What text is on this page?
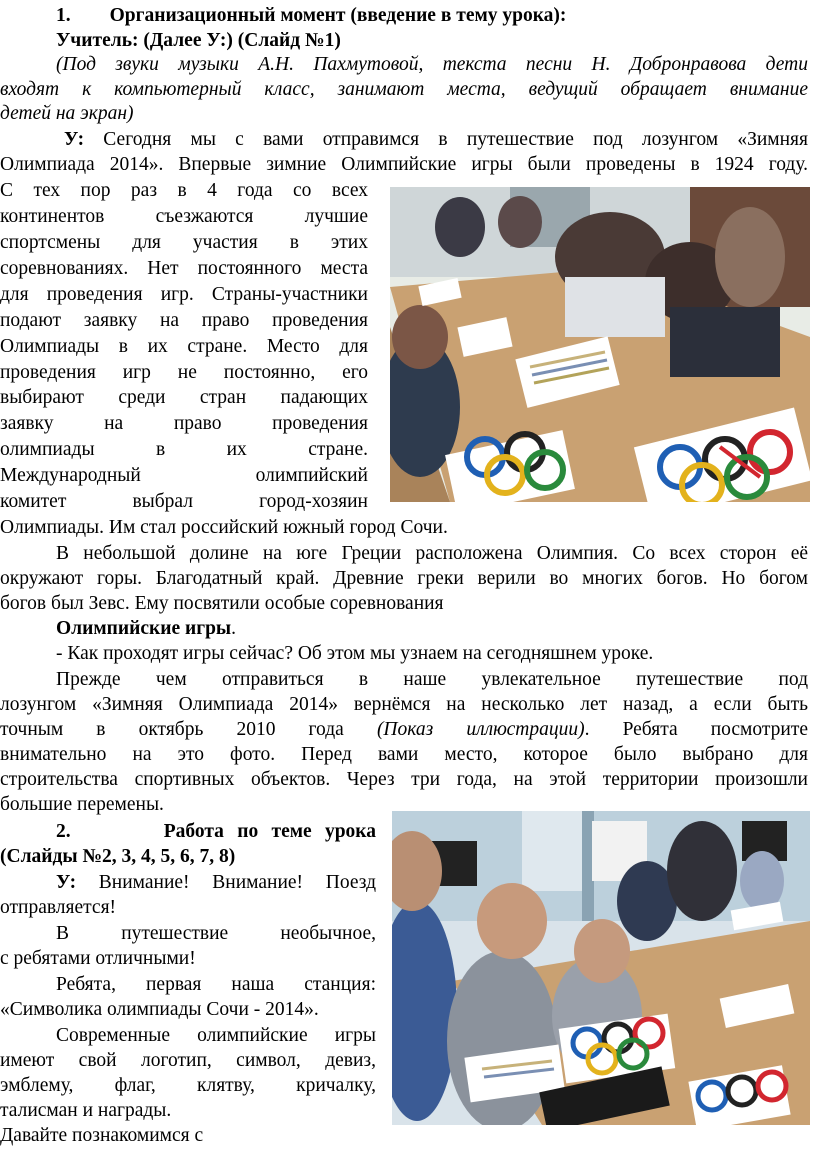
1.        Организационный момент (введение в тему урока):
Учитель: (Далее У:) (Слайд №1)
(Под звуки музыки А.Н. Пахмутовой, текста песни Н. Добронравова дети
входят к компьютерный класс, занимают места, ведущий обращает внимание
детей на экран)
У: Сегодня мы с вами отправимся в путешествие под лозунгом «Зимняя
Олимпиада 2014». Впервые зимние Олимпийские игры были проведены в 1924 году.
С тех пор раз в 4 года со всех
континентов съезжаются лучшие
спортсмены для участия в этих
соревнованиях. Нет постоянного места
для проведения игр. Страны-участники
подают заявку на право проведения
Олимпиады в их стране. Место для
проведения игр не постоянно, его
выбирают среди стран падающих
заявку на право проведения
олимпиады в их стране.
Международный олимпийский
комитет выбрал город-хозяин
Олимпиады. Им стал российский южный город Сочи.
В небольшой долине на юге Греции расположена Олимпия. Со всех сторон её
окружают горы. Благодатный край. Древние греки верили во многих богов. Но богом
богов был Зевс. Ему посвятили особые соревнования
Олимпийские игры.
- Как проходят игры сейчас? Об этом мы узнаем на сегодняшнем уроке.
Прежде чем отправиться в наше увлекательное путешествие под
лозунгом «Зимняя Олимпиада 2014» вернёмся на несколько лет назад, а если быть
точным в октябрь 2010 года (Показ иллюстрации). Ребята посмотрите
внимательно на это фото. Перед вами место, которое было выбрано для
строительства спортивных объектов. Через три года, на этой территории произошли
большие перемены.
2.       Работа по теме урока
(Слайды №2, 3, 4, 5, 6, 7, 8)
У: Внимание! Внимание! Поезд
отправляется!
В путешествие необычное,
с ребятами отличными!
Ребята, первая наша станция:
«Символика олимпиады Сочи - 2014».
Современные олимпийские игры
имеют свой логотип, символ, девиз,
эмблему, флаг, клятву, кричалку,
талисман и награды.
Давайте познакомимся с
